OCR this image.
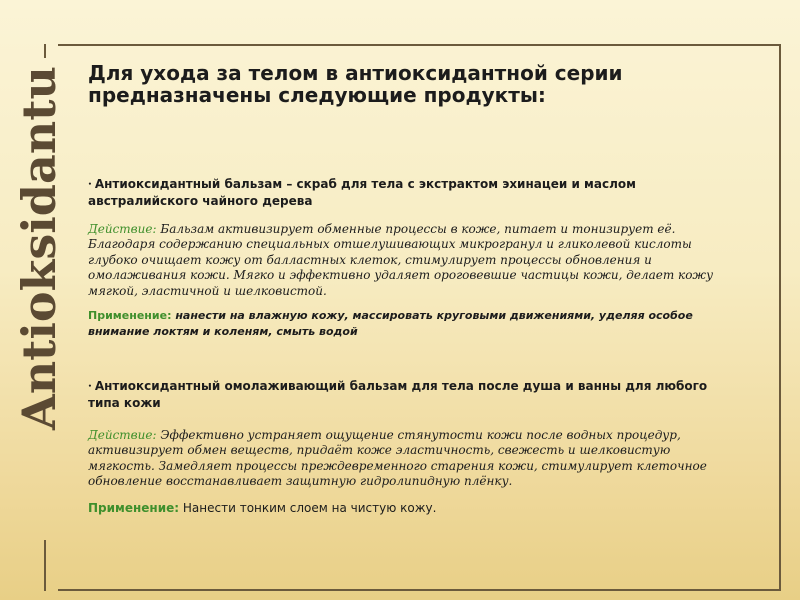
Antioksidantu	Для ухода за телом в антиоксидантной серии предназначены следующие продукты:

• Антиоксидантный бальзам – скраб для тела с экстрактом эхинацеи и маслом австралийского чайного дерева

Действие: Бальзам активизирует обменные процессы в коже, питает и тонизирует её. Благодаря содержанию специальных отшелушивающих микрогранул и гликолевой кислоты глубоко очищает кожу от балластных клеток, стимулирует процессы обновления и омолаживания кожи. Мягко и эффективно удаляет ороговевшие частицы кожи, делает кожу мягкой, эластичной и шелковистой.

Применение: нанести на влажную кожу, массировать круговыми движениями, уделяя особое внимание локтям и коленям, смыть водой

• Антиоксидантный омолаживающий бальзам для тела после душа и ванны для любого типа кожи

Действие: Эффективно устраняет ощущение стянутости кожи после водных процедур, активизирует обмен веществ, придаёт коже эластичность, свежесть и шелковистую мягкость. Замедляет процессы преждевременного старения кожи, стимулирует клеточное обновление восстанавливает защитную гидролипидную плёнку.

Применение: Нанести тонким слоем на чистую кожу.
